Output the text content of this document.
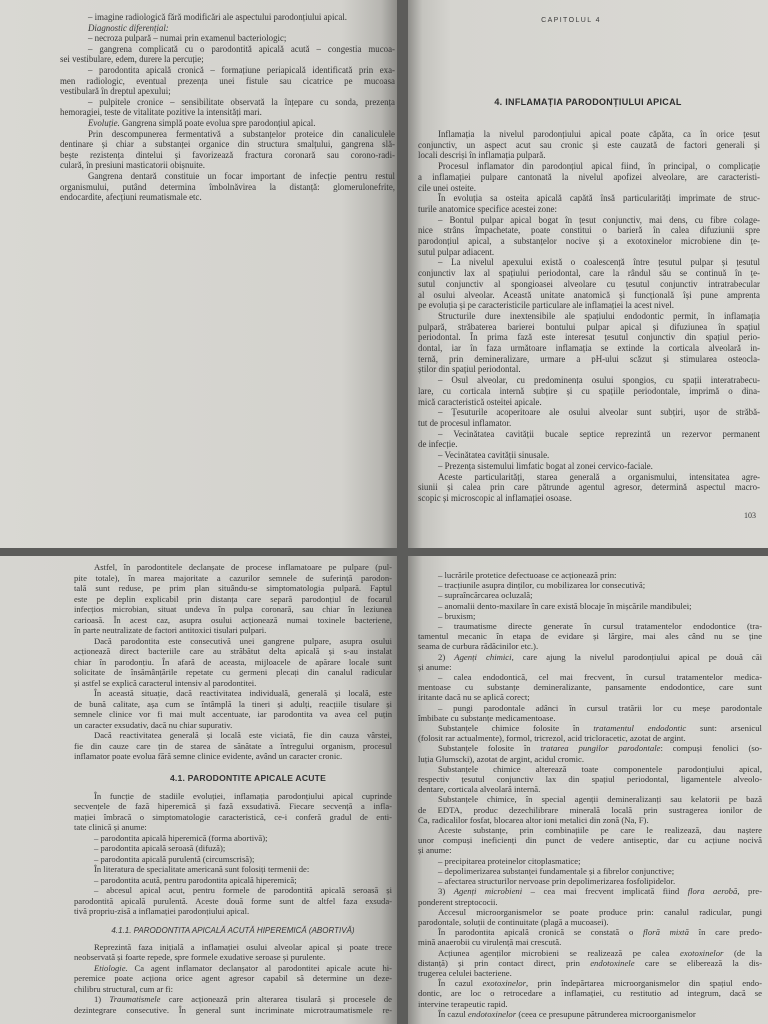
– imagine radiologică fără modificări ale aspectului parodonțiului apical.
Diagnostic diferențial:
– necroza pulpară – numai prin examenul bacteriologic;
– gangrena complicată cu o parodontită apicală acută – congestia mucoa-
sei vestibulare, edem, durere la percuție;
– parodontita apicală cronică – formațiune periapicală identificată prin exa-
men radiologic, eventual prezența unei fistule sau cicatrice pe mucoasa
vestibulară în dreptul apexului;
– pulpitele cronice – sensibilitate observată la înțepare cu sonda, prezența
hemoragiei, teste de vitalitate pozitive la intensități mari.
Evoluție. Gangrena simplă poate evolua spre parodonțiul apical.
Prin descompunerea fermentativă a substanțelor proteice din canaliculele
dentinare și chiar a substanței organice din structura smalțului, gangrena slă-
bește rezistența dintelui și favorizează fractura coronară sau corono-radi-
culară, în presiuni masticatorii obișnuite.
Gangrena dentară constituie un focar important de infecție pentru restul
organismului, putând determina îmbolnăvirea la distanță: glomerulonefrite,
endocardite, afecțiuni reumatismale etc.
CAPITOLUL 4
4. INFLAMAȚIA PARODONȚIULUI APICAL
Inflamația la nivelul parodonțiului apical poate căpăta, ca în orice țesut
conjunctiv, un aspect acut sau cronic și este cauzată de factori generali și
locali descriși în inflamația pulpară.
Procesul inflamator din parodonțiul apical fiind, în principal, o complicație
a inflamației pulpare cantonată la nivelul apofizei alveolare, are caracteristi-
cile unei osteite.
În evoluția sa osteita apicală capătă însă particularități imprimate de struc-
turile anatomice specifice acestei zone:
– Bontul pulpar apical bogat în țesut conjunctiv, mai dens, cu fibre colage-
nice strâns împachetate, poate constitui o barieră în calea difuziunii spre
parodonțiul apical, a substanțelor nocive și a exotoxinelor microbiene din țe-
sutul pulpar adiacent.
– La nivelul apexului există o coalescență între țesutul pulpar și țesutul
conjunctiv lax al spațiului periodontal, care la rândul său se continuă în țe-
sutul conjunctiv al spongioasei alveolare cu țesutul conjunctiv intratrabecular
al osului alveolar. Această unitate anatomică și funcțională își pune amprenta
pe evoluția și pe caracteristicile particulare ale inflamației la acest nivel.
Structurile dure inextensibile ale spațiului endodontic permit, în inflamația
pulpară, străbaterea barierei bontului pulpar apical și difuziunea în spațiul
periodontal. În prima fază este interesat țesutul conjunctiv din spațiul perio-
dontal, iar în faza următoare inflamația se extinde la corticala alveolară in-
ternă, prin demineralizare, urmare a pH-ului scăzut și stimularea osteocla-
știlor din spațiul periodontal.
– Osul alveolar, cu predominența osului spongios, cu spații interatrabecu-
lare, cu corticala internă subțire și cu spațiile periodontale, imprimă o dina-
mică caracteristică osteitei apicale.
– Țesuturile acoperitoare ale osului alveolar sunt subțiri, ușor de străbă-
tut de procesul inflamator.
– Vecinătatea cavității bucale septice reprezintă un rezervor permanent
de infecție.
– Vecinătatea cavității sinusale.
– Prezența sistemului limfatic bogat al zonei cervico-faciale.
Aceste particularități, starea generală a organismului, intensitatea agre-
siunii și calea prin care pătrunde agentul agresor, determină aspectul macro-
scopic și microscopic al inflamației osoase.
103
Astfel, în parodontitele declanșate de procese inflamatoare pe pulpare (pul-
pite totale), în marea majoritate a cazurilor semnele de suferință parodon-
tală sunt reduse, pe prim plan situându-se simptomatologia pulpară. Faptul
este pe deplin explicabil prin distanța care separă parodonțiul de focarul
infecțios microbian, situat undeva în pulpa coronară, sau chiar în leziunea
carioasă. În acest caz, asupra osului acționează numai toxinele bacteriene,
în parte neutralizate de factori antitoxici tisulari pulpari.
Dacă parodontita este consecutivă unei gangrene pulpare, asupra osului
acționează direct bacteriile care au străbătut delta apicală și s-au instalat
chiar în parodonțiu. În afară de aceasta, mijloacele de apărare locale sunt
solicitate de însămânțările repetate cu germeni plecați din canalul radicular
și astfel se explică caracterul intensiv al parodontitei.
În această situație, dacă reactivitatea individuală, generală și locală, este
de bună calitate, așa cum se întâmplă la tineri și adulți, reacțiile tisulare și
semnele clinice vor fi mai mult accentuate, iar parodontita va avea cel puțin
un caracter exsudativ, dacă nu chiar supurativ.
Dacă reactivitatea generală și locală este viciată, fie din cauza vârstei,
fie din cauze care țin de starea de sănătate a întregului organism, procesul
inflamator poate evolua fără semne clinice evidente, având un caracter cronic.
4.1. PARODONTITE APICALE ACUTE
În funcție de stadiile evoluției, inflamația parodonțiului apical cuprinde
secvențele de fază hiperemică și fază exsudativă. Fiecare secvență a infla-
mației îmbracă o simptomatologie caracteristică, ce-i conferă gradul de enti-
tate clinică și anume:
– parodontita apicală hiperemică (forma abortivă);
– parodontita apicală seroasă (difuză);
– parodontita apicală purulentă (circumscrisă);
În literatura de specialitate americană sunt folosiți termenii de:
– parodontita acută, pentru parodontita apicală hiperemică;
– abcesul apical acut, pentru formele de parodontită apicală seroasă și
parodontită apicală purulentă. Aceste două forme sunt de altfel faza exsuda-
tivă propriu-zisă a inflamației parodonțiului apical.
4.1.1. PARODONTITA APICALĂ ACUTĂ HIPEREMICĂ (ABORTIVĂ)
Reprezintă faza inițială a inflamației osului alveolar apical și poate trece
neobservată și foarte repede, spre formele exudative seroase și purulente.
Etiologie. Ca agent inflamator declanșator al parodontitei apicale acute hi-
peremice poate acționa orice agent agresor capabil să determine un deze-
chilibru structural, cum ar fi:
1) Traumatismele care acționează prin alterarea tisulară și procesele de
dezintegrare consecutive. În general sunt incriminate microtraumatismele re-
– lucrările protetice defectuoase ce acționează prin:
– tracțiunile asupra dinților, cu mobilizarea lor consecutivă;
– supraîncărcarea ocluzală;
– anomalii dento-maxilare în care există blocaje în mișcările mandibulei;
– bruxism;
– traumatisme directe generate în cursul tratamentelor endodontice (tra-
tamentul mecanic în etapa de evidare și lărgire, mai ales când nu se ține
seama de curbura rădăcinilor etc.).
2) Agenți chimici, care ajung la nivelul parodonțiului apical pe două căi
și anume:
– calea endodontică, cel mai frecvent, în cursul tratamentelor medica-
mentoase cu substanțe demineralizante, pansamente endodontice, care sunt
iritante dacă nu se aplică corect;
– pungi parodontale adânci în cursul tratării lor cu meșe parodontale
îmbibate cu substanțe medicamentoase.
Substanțele chimice folosite în tratamentul endodontic sunt: arsenicul
(folosit rar actualmente), formol, tricrezol, acid tricloracetic, azotat de argint.
Substanțele folosite în tratarea pungilor parodontale: compuși fenolici (so-
luția Glumscki), azotat de argint, acidul cromic.
Substanțele chimice alterează toate componentele parodonțiului apical,
respectiv țesutul conjunctiv lax din spațiul periodontal, ligamentele alveolo-
dentare, corticala alveolară internă.
Substanțele chimice, în special agenții demineralizanți sau kelatorii pe bază
de EDTA, produc dezechilibrare minerală locală prin sustragerea ionilor de
Ca, radicalilor fosfat, blocarea altor ioni metalici din zonă (Na, F).
Aceste substanțe, prin combinațiile pe care le realizează, dau naștere
unor compuși ineficienți din punct de vedere antiseptic, dar cu acțiune nocivă
și anume:
– precipitarea proteinelor citoplasmatice;
– depolimerizarea substanței fundamentale și a fibrelor conjunctive;
– afectarea structurilor nervoase prin depolimerizarea fosfolipidelor.
3) Agenți microbieni – cea mai frecvent implicată fiind flora aerobă, pre-
ponderent streptococii.
Accesul microorganismelor se poate produce prin: canalul radicular, pungi
parodontale, soluții de continuitate (plagă a mucoasei).
În parodontita apicală cronică se constată o floră mixtă în care predo-
mină anaerobii cu virulență mai crescută.
Acțiunea agenților microbieni se realizează pe calea exotoxinelor (de la
distanță) și prin contact direct, prin endotoxinele care se eliberează la dis-
trugerea celulei bacteriene.
În cazul exotoxinelor, prin îndepărtarea microorganismelor din spațiul endo-
dontic, are loc o retrocedare a inflamației, cu restitutio ad integrum, dacă se
intervine terapeutic rapid.
În cazul endotoxinelor (ceea ce presupune pătrunderea microorganismelor
